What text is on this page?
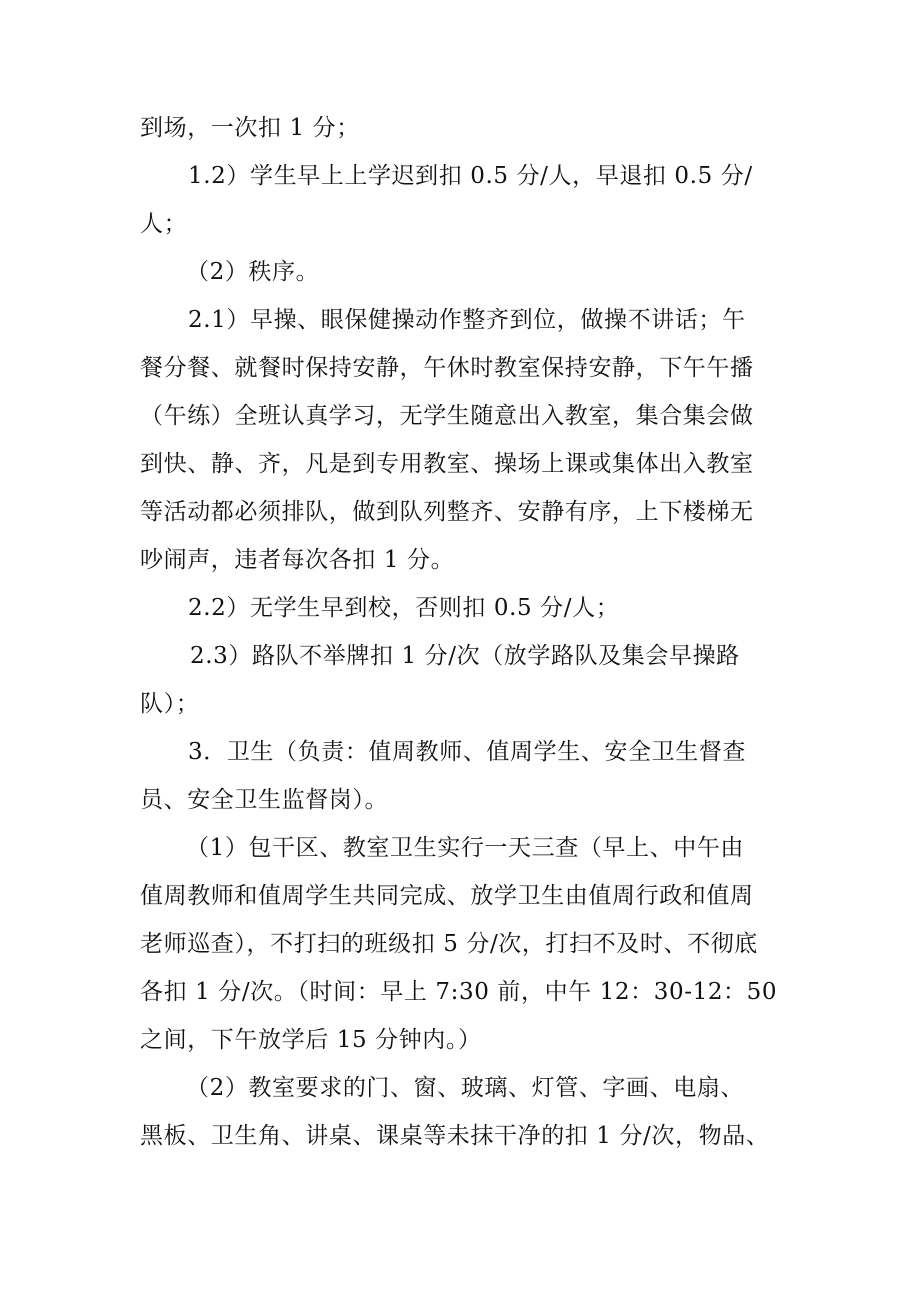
到场，一次扣 1 分；
1.2）学生早上上学迟到扣 0.5 分/人，早退扣 0.5 分/
人；
（2）秩序。
2.1）早操、眼保健操动作整齐到位，做操不讲话；午
餐分餐、就餐时保持安静，午休时教室保持安静，下午午播
（午练）全班认真学习，无学生随意出入教室，集合集会做
到快、静、齐，凡是到专用教室、操场上课或集体出入教室
等活动都必须排队，做到队列整齐、安静有序，上下楼梯无
吵闹声，违者每次各扣 1 分。
2.2）无学生早到校，否则扣 0.5 分/人；
2.3）路队不举牌扣 1 分/次（放学路队及集会早操路
队）；
3．卫生（负责：值周教师、值周学生、安全卫生督查
员、安全卫生监督岗）。
（1）包干区、教室卫生实行一天三查（早上、中午由
值周教师和值周学生共同完成、放学卫生由值周行政和值周
老师巡查），不打扫的班级扣 5 分/次，打扫不及时、不彻底
各扣 1 分/次。（时间：早上 7:30 前，中午 12：30-12：50
之间，下午放学后 15 分钟内。）
（2）教室要求的门、窗、玻璃、灯管、字画、电扇、
黑板、卫生角、讲桌、课桌等未抹干净的扣 1 分/次，物品、
